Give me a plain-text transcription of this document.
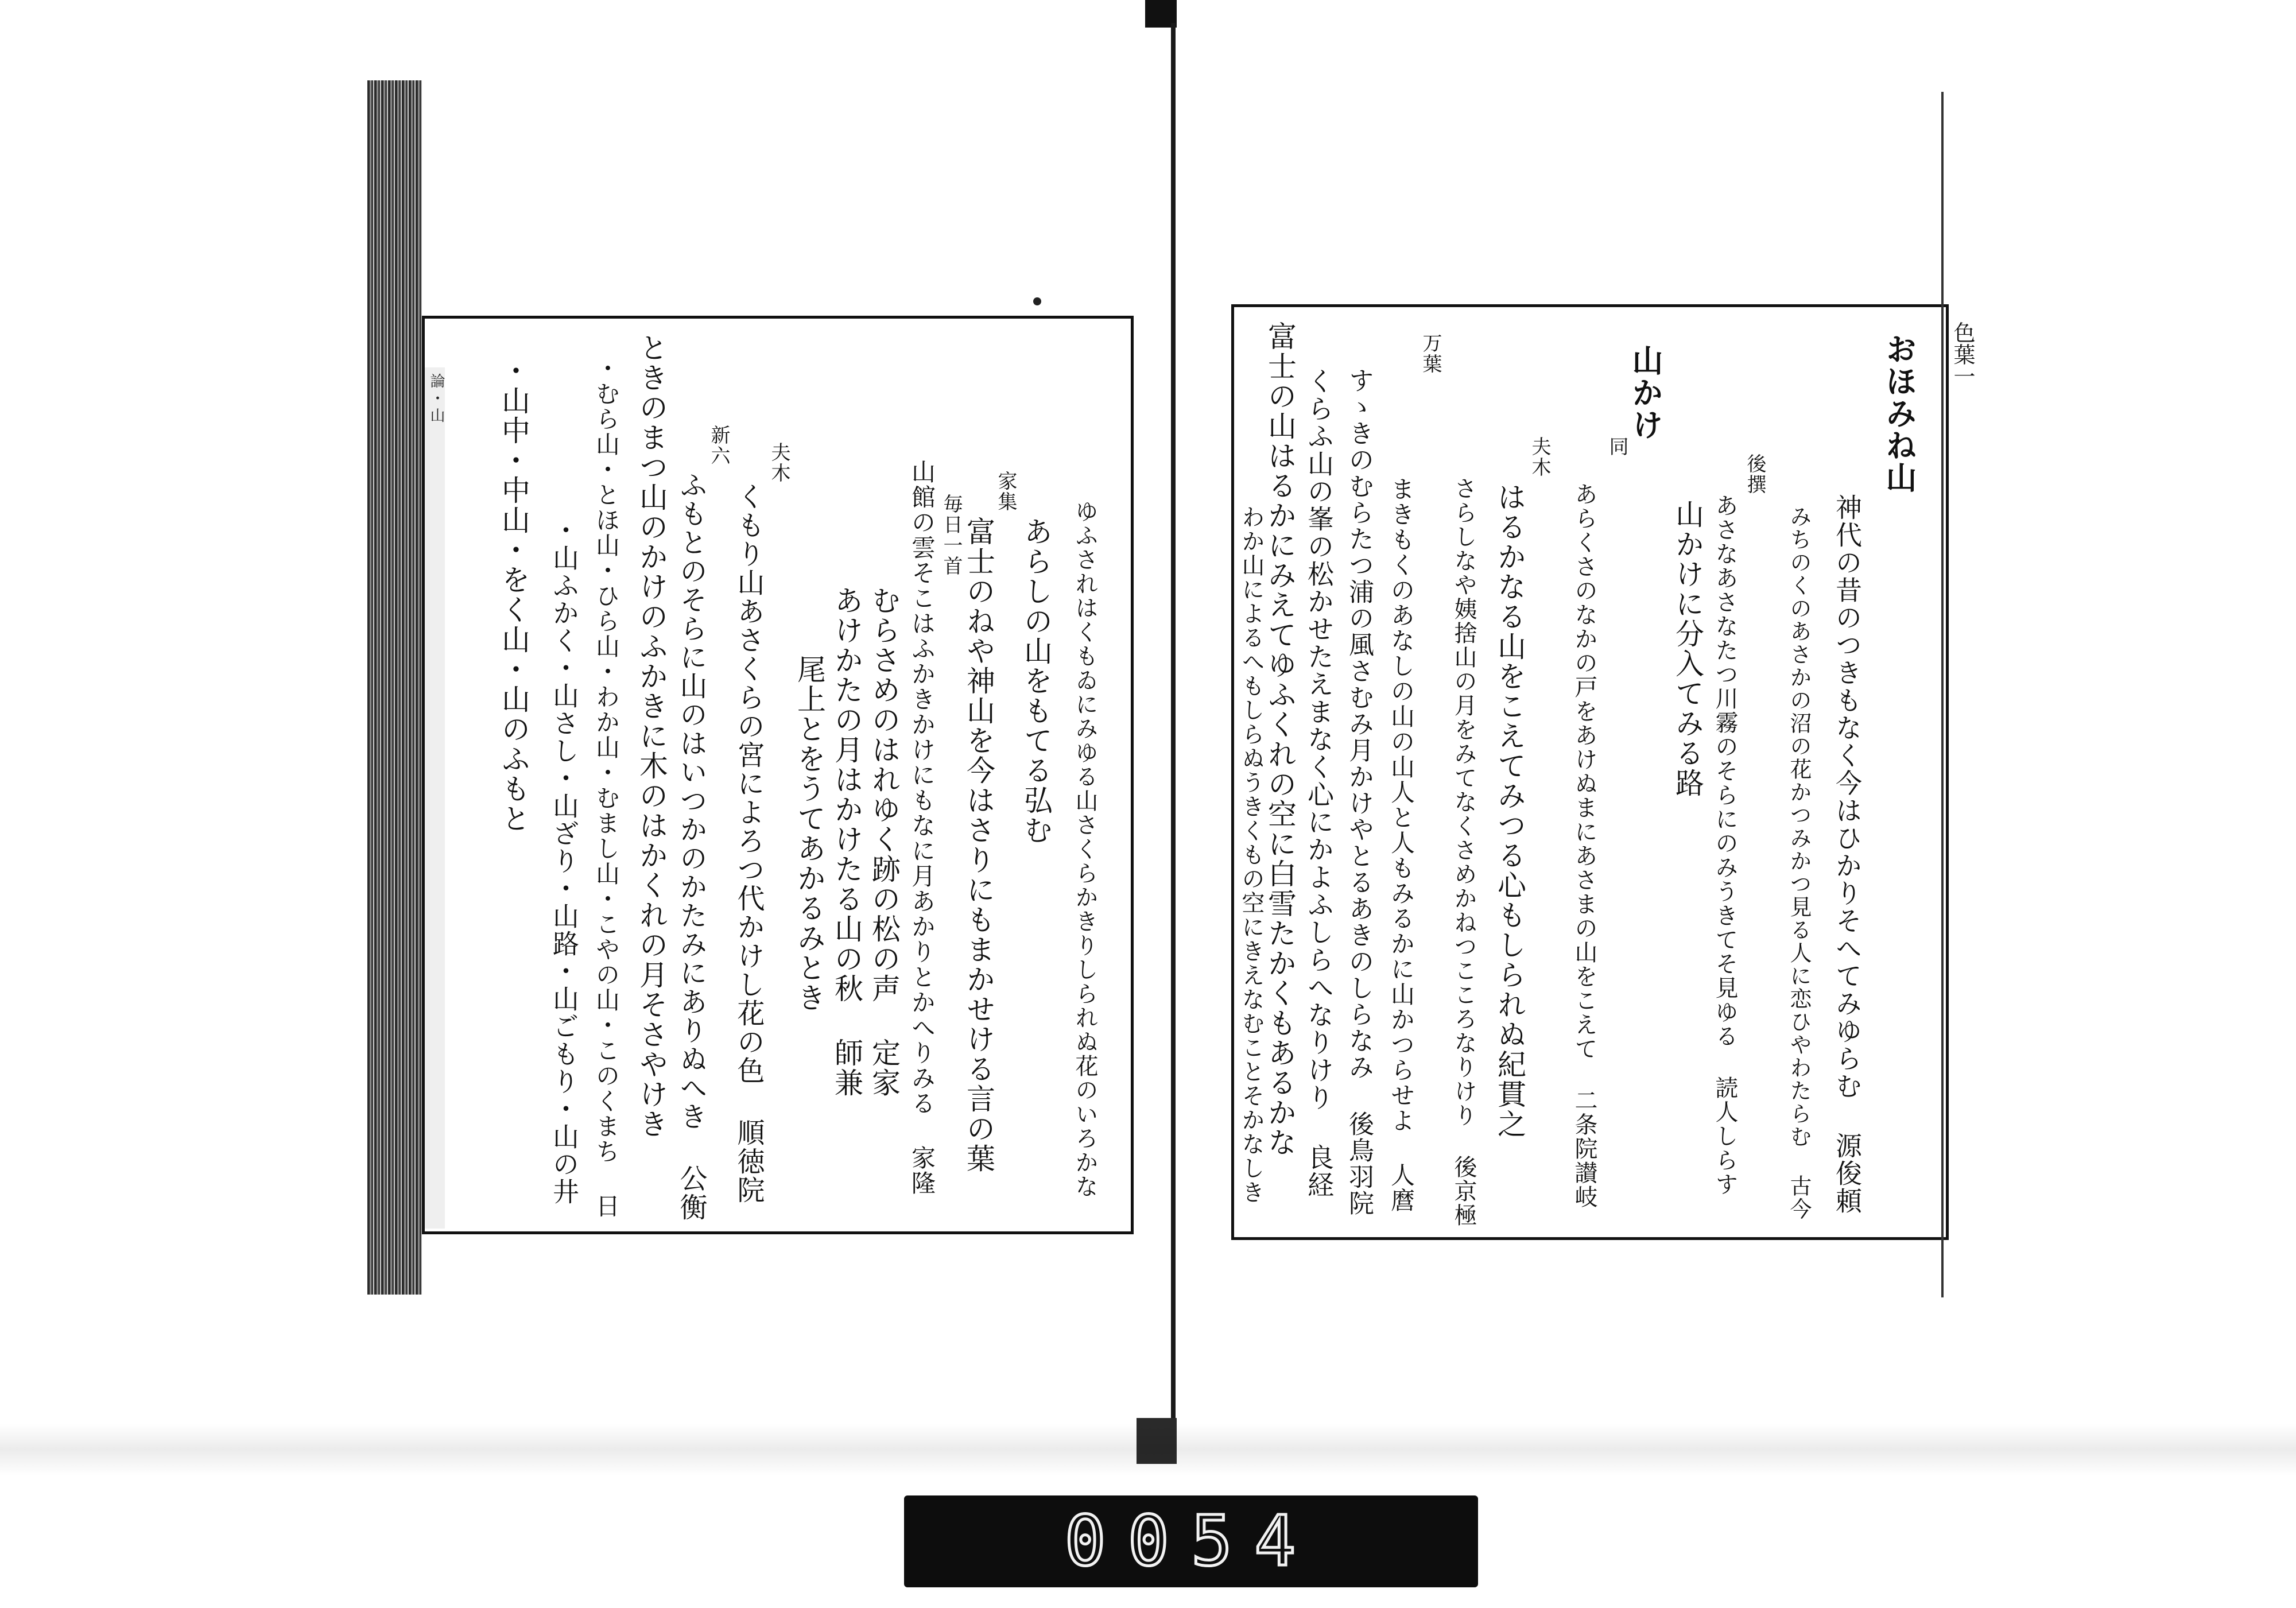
論・山
色葉一
おほみね山
神代の昔のつきもなく今はひかりそへてみゆらむ 源俊頼
みちのくのあさかの沼の花かつみかつ見る人に恋ひやわたらむ 古今
後撰
あさなあさなたつ川霧のそらにのみうきてそ見ゆる 読人しらす
山かけに分入てみる路
山かけ
同
あらくさのなかの戸をあけぬまにあさまの山をこえて 二条院讃岐
夫木
はるかなる山をこえてみつる心もしられぬ紀貫之
さらしなや姨捨山の月をみてなくさめかねつこころなりけり 後京極
万葉
まきもくのあなしの山の山人と人もみるかに山かつらせよ 人麿
すゝきのむらたつ浦の風さむみ月かけやとるあきのしらなみ 後鳥羽院
くらふ山の峯の松かせたえまなく心にかよふしらへなりけり 良経
富士の山はるかにみえてゆふくれの空に白雪たかくもあるかな
わか山によるへもしらぬうきくもの空にきえなむことそかなしき
ゆふされはくもゐにみゆる山さくらかきりしられぬ花のいろかな
あらしの山をもてる弘む
家集
富士のねや神山を今はさりにもまかせける言の葉
毎日一首
山館の雲そこはふかきかけにもなに月あかりとかへりみる 家隆
むらさめのはれゆく跡の松の声 定家
あけかたの月はかけたる山の秋 師兼
尾上とをうてあかるみとき
夫木
くもり山あさくらの宮によろつ代かけし花の色 順徳院
新六
ふもとのそらに山のはいつかのかたみにありぬへき 公衡
ときのまつ山のかけのふかきに木のはかくれの月そさやけき
・むら山・とほ山・ひら山・わか山・むまし山・こやの山・このくまち 日
・山ふかく・山さし・山ざり・山路・山ごもり・山の井
・山中・中山・をく山・山のふもと
0054
